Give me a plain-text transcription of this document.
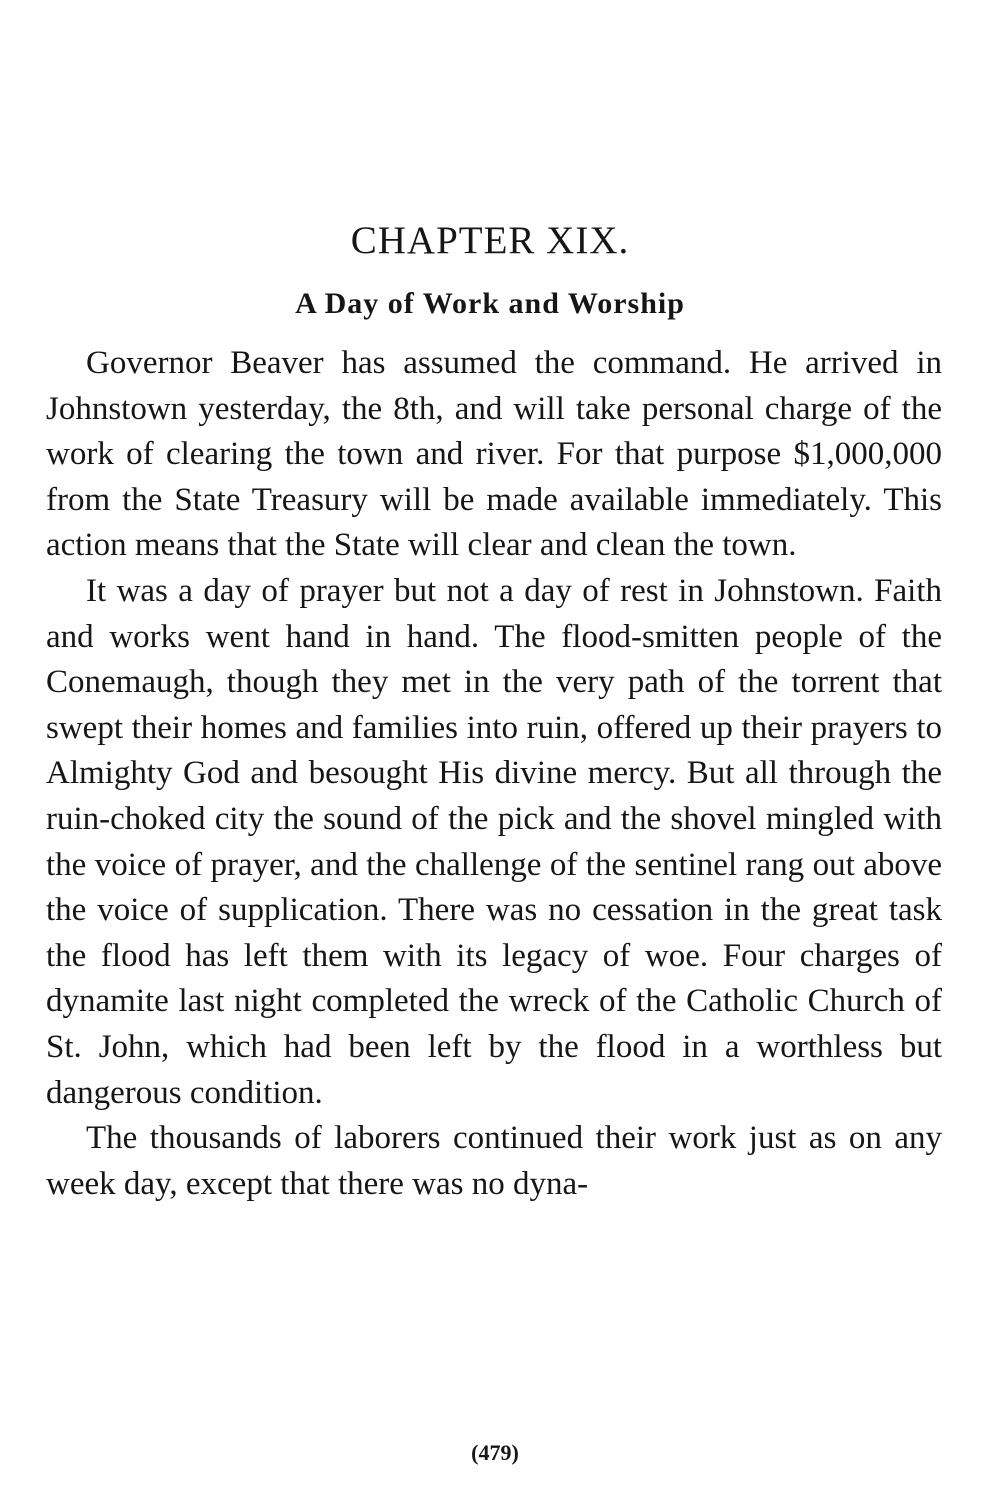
CHAPTER XIX.
A Day of Work and Worship

Governor Beaver has assumed the command. He arrived in Johnstown yesterday, the 8th, and will take personal charge of the work of clearing the town and river. For that purpose $1,000,000 from the State Treasury will be made available immediately. This action means that the State will clear and clean the town.

It was a day of prayer but not a day of rest in Johnstown. Faith and works went hand in hand. The flood-smitten people of the Conemaugh, though they met in the very path of the torrent that swept their homes and families into ruin, offered up their prayers to Almighty God and besought His divine mercy. But all through the ruin-choked city the sound of the pick and the shovel mingled with the voice of prayer, and the challenge of the sentinel rang out above the voice of supplication. There was no cessation in the great task the flood has left them with its legacy of woe. Four charges of dynamite last night completed the wreck of the Catholic Church of St. John, which had been left by the flood in a worthless but dangerous condition.

The thousands of laborers continued their work just as on any week day, except that there was no dyna-

(479)
